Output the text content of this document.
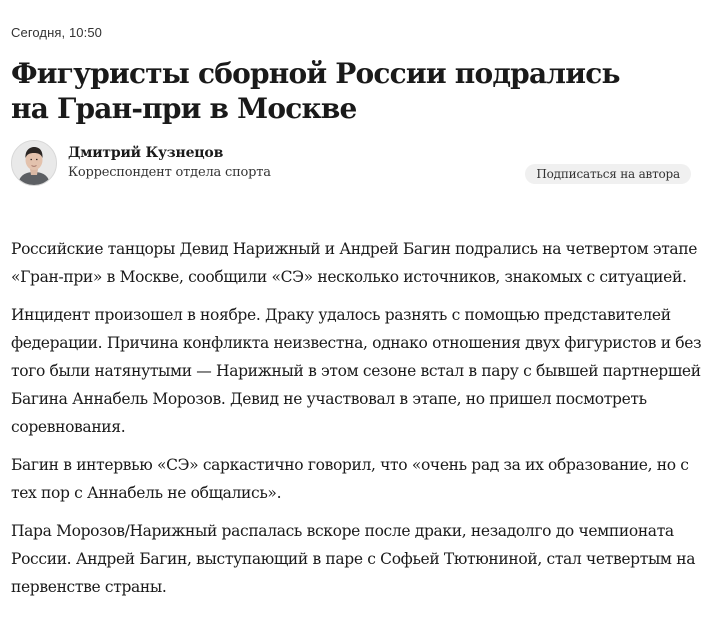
Сегодня, 10:50
Фигуристы сборной России подрались
на Гран-при в Москве
Дмитрий Кузнецов
Корреспондент отдела спорта	Подписаться на автора

Российские танцоры Девид Нарижный и Андрей Багин подрались на четвертом этапе «Гран-при» в Москве, сообщили «СЭ» несколько источников, знакомых с ситуацией.

Инцидент произошел в ноябре. Драку удалось разнять с помощью представителей федерации. Причина конфликта неизвестна, однако отношения двух фигуристов и без того были натянутыми — Нарижный в этом сезоне встал в пару с бывшей партнершей Багина Аннабель Морозов. Девид не участвовал в этапе, но пришел посмотреть соревнования.

Багин в интервью «СЭ» саркастично говорил, что «очень рад за их образование, но с тех пор с Аннабель не общались».

Пара Морозов/Нарижный распалась вскоре после драки, незадолго до чемпионата России. Андрей Багин, выступающий в паре с Софьей Тютюниной, стал четвертым на первенстве страны.
